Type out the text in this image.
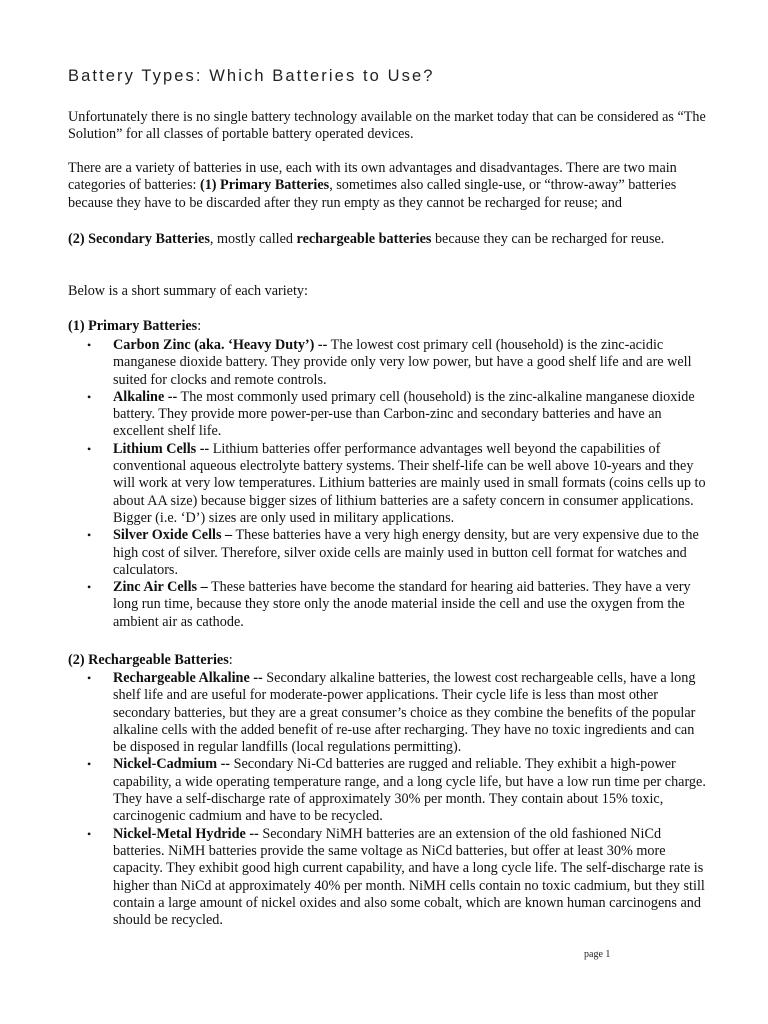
Battery Types: Which Batteries to Use?
Unfortunately there is no single battery technology available on the market today that can be considered as “The Solution” for all classes of portable battery operated devices.
There are a variety of batteries in use, each with its own advantages and disadvantages. There are two main categories of batteries: (1) Primary Batteries, sometimes also called single-use, or “throw-away” batteries because they have to be discarded after they run empty as they cannot be recharged for reuse; and
(2) Secondary Batteries, mostly called rechargeable batteries because they can be recharged for reuse.
Below is a short summary of each variety:
(1) Primary Batteries:
• Carbon Zinc (aka. ‘Heavy Duty’) -- The lowest cost primary cell (household) is the zinc-acidic manganese dioxide battery. They provide only very low power, but have a good shelf life and are well suited for clocks and remote controls.
• Alkaline -- The most commonly used primary cell (household) is the zinc-alkaline manganese dioxide battery. They provide more power-per-use than Carbon-zinc and secondary batteries and have an excellent shelf life.
• Lithium Cells -- Lithium batteries offer performance advantages well beyond the capabilities of conventional aqueous electrolyte battery systems. Their shelf-life can be well above 10-years and they will work at very low temperatures. Lithium batteries are mainly used in small formats (coins cells up to about AA size) because bigger sizes of lithium batteries are a safety concern in consumer applications. Bigger (i.e. ‘D’) sizes are only used in military applications.
• Silver Oxide Cells – These batteries have a very high energy density, but are very expensive due to the high cost of silver. Therefore, silver oxide cells are mainly used in button cell format for watches and calculators.
• Zinc Air Cells – These batteries have become the standard for hearing aid batteries. They have a very long run time, because they store only the anode material inside the cell and use the oxygen from the ambient air as cathode.
(2) Rechargeable Batteries:
• Rechargeable Alkaline -- Secondary alkaline batteries, the lowest cost rechargeable cells, have a long shelf life and are useful for moderate-power applications. Their cycle life is less than most other secondary batteries, but they are a great consumer’s choice as they combine the benefits of the popular alkaline cells with the added benefit of re-use after recharging. They have no toxic ingredients and can be disposed in regular landfills (local regulations permitting).
• Nickel-Cadmium -- Secondary Ni-Cd batteries are rugged and reliable. They exhibit a high-power capability, a wide operating temperature range, and a long cycle life, but have a low run time per charge. They have a self-discharge rate of approximately 30% per month. They contain about 15% toxic, carcinogenic cadmium and have to be recycled.
• Nickel-Metal Hydride -- Secondary NiMH batteries are an extension of the old fashioned NiCd batteries. NiMH batteries provide the same voltage as NiCd batteries, but offer at least 30% more capacity. They exhibit good high current capability, and have a long cycle life. The self-discharge rate is higher than NiCd at approximately 40% per month. NiMH cells contain no toxic cadmium, but they still contain a large amount of nickel oxides and also some cobalt, which are known human carcinogens and should be recycled.
page 1
